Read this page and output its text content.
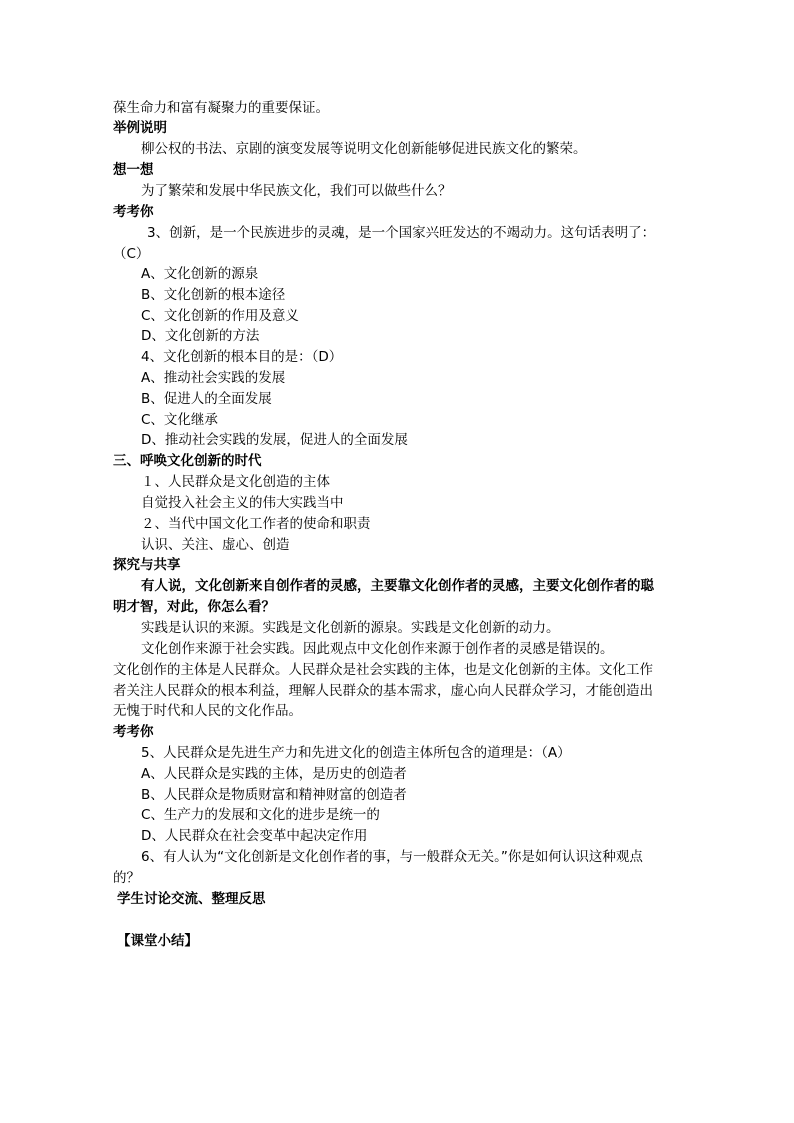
葆生命力和富有凝聚力的重要保证。

举例说明

柳公权的书法、京剧的演变发展等说明文化创新能够促进民族文化的繁荣。

想一想

为了繁荣和发展中华民族文化，我们可以做些什么？

考考你

3、创新，是一个民族进步的灵魂，是一个国家兴旺发达的不竭动力。这句话表明了：

（C）

A、文化创新的源泉

B、文化创新的根本途径

C、文化创新的作用及意义

D、文化创新的方法

4、文化创新的根本目的是：（D）

A、推动社会实践的发展

B、促进人的全面发展

C、文化继承

D、推动社会实践的发展，促进人的全面发展

三、呼唤文化创新的时代

１、人民群众是文化创造的主体

自觉投入社会主义的伟大实践当中

２、当代中国文化工作者的使命和职责

认识、关注、虚心、创造

探究与共享

有人说，文化创新来自创作者的灵感，主要靠文化创作者的灵感，主要文化创作者的聪

明才智，对此，你怎么看？

实践是认识的来源。实践是文化创新的源泉。实践是文化创新的动力。

文化创作来源于社会实践。因此观点中文化创作来源于创作者的灵感是错误的。

文化创作的主体是人民群众。人民群众是社会实践的主体，也是文化创新的主体。文化工作

者关注人民群众的根本利益，理解人民群众的基本需求，虚心向人民群众学习，才能创造出

无愧于时代和人民的文化作品。

考考你

5、人民群众是先进生产力和先进文化的创造主体所包含的道理是：（A）

A、人民群众是实践的主体，是历史的创造者

B、人民群众是物质财富和精神财富的创造者

C、生产力的发展和文化的进步是统一的

D、人民群众在社会变革中起决定作用

6、有人认为“文化创新是文化创作者的事，与一般群众无关。”你是如何认识这种观点

的？

学生讨论交流、整理反思

【课堂小结】
